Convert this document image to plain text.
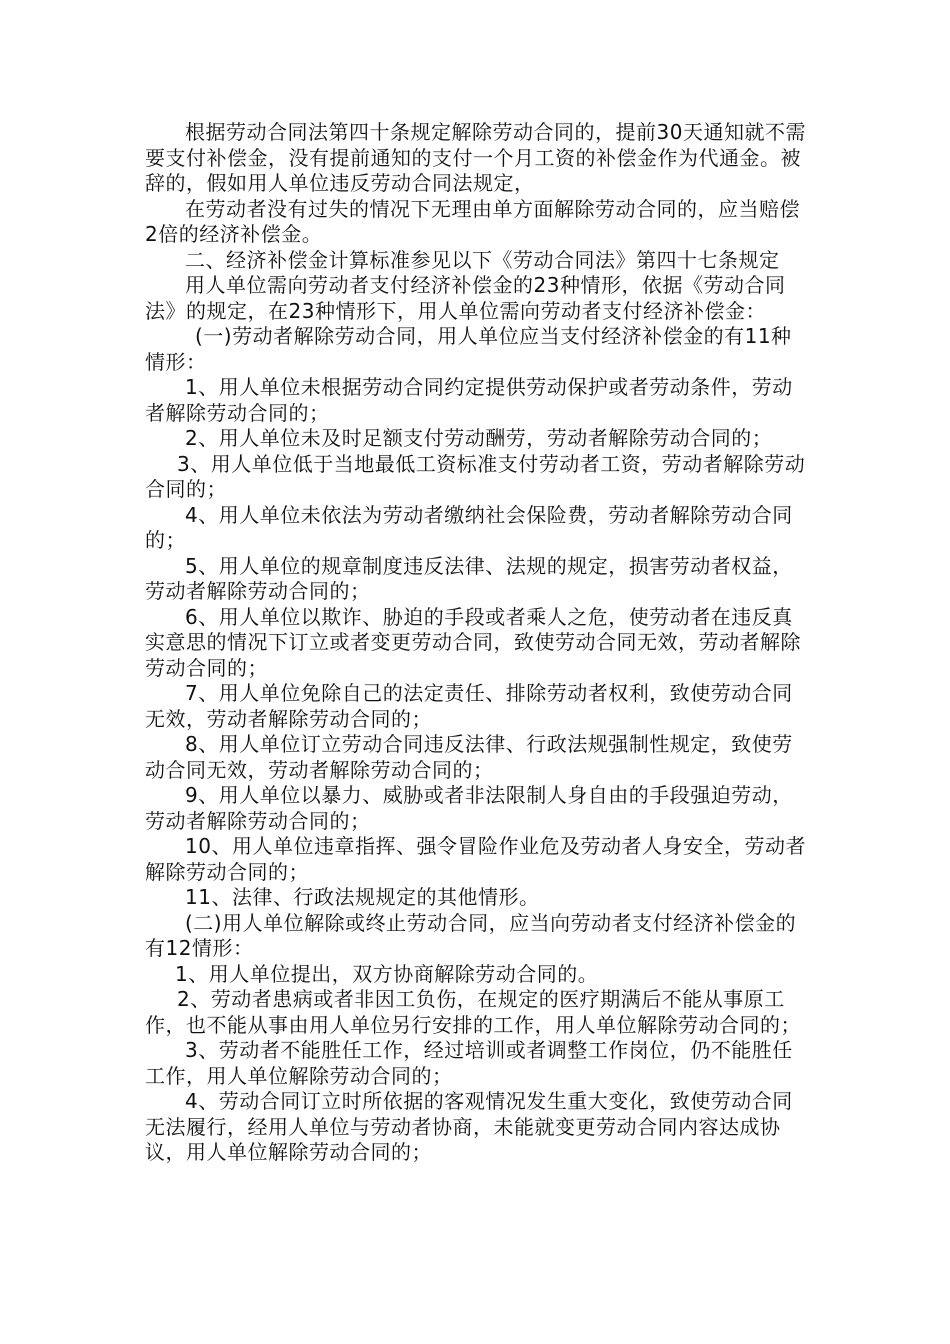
根据劳动合同法第四十条规定解除劳动合同的，提前30天通知就不需要支付补偿金，没有提前通知的支付一个月工资的补偿金作为代通金。被辞的，假如用人单位违反劳动合同法规定，

在劳动者没有过失的情况下无理由单方面解除劳动合同的，应当赔偿2倍的经济补偿金。

二、经济补偿金计算标准参见以下《劳动合同法》第四十七条规定

用人单位需向劳动者支付经济补偿金的23种情形，依据《劳动合同法》的规定，在23种情形下，用人单位需向劳动者支付经济补偿金：

(一)劳动者解除劳动合同，用人单位应当支付经济补偿金的有11种情形：

1、用人单位未根据劳动合同约定提供劳动保护或者劳动条件，劳动者解除劳动合同的；

2、用人单位未及时足额支付劳动酬劳，劳动者解除劳动合同的；

3、用人单位低于当地最低工资标准支付劳动者工资，劳动者解除劳动合同的；

4、用人单位未依法为劳动者缴纳社会保险费，劳动者解除劳动合同的；

5、用人单位的规章制度违反法律、法规的规定，损害劳动者权益，劳动者解除劳动合同的；

6、用人单位以欺诈、胁迫的手段或者乘人之危，使劳动者在违反真实意思的情况下订立或者变更劳动合同，致使劳动合同无效，劳动者解除劳动合同的；

7、用人单位免除自己的法定责任、排除劳动者权利，致使劳动合同无效，劳动者解除劳动合同的；

8、用人单位订立劳动合同违反法律、行政法规强制性规定，致使劳动合同无效，劳动者解除劳动合同的；

9、用人单位以暴力、威胁或者非法限制人身自由的手段强迫劳动，劳动者解除劳动合同的；

10、用人单位违章指挥、强令冒险作业危及劳动者人身安全，劳动者解除劳动合同的；

11、法律、行政法规规定的其他情形。

(二)用人单位解除或终止劳动合同，应当向劳动者支付经济补偿金的有12情形：

1、用人单位提出，双方协商解除劳动合同的。

2、劳动者患病或者非因工负伤，在规定的医疗期满后不能从事原工作，也不能从事由用人单位另行安排的工作，用人单位解除劳动合同的；

3、劳动者不能胜任工作，经过培训或者调整工作岗位，仍不能胜任工作，用人单位解除劳动合同的；

4、劳动合同订立时所依据的客观情况发生重大变化，致使劳动合同无法履行，经用人单位与劳动者协商，未能就变更劳动合同内容达成协议，用人单位解除劳动合同的；
